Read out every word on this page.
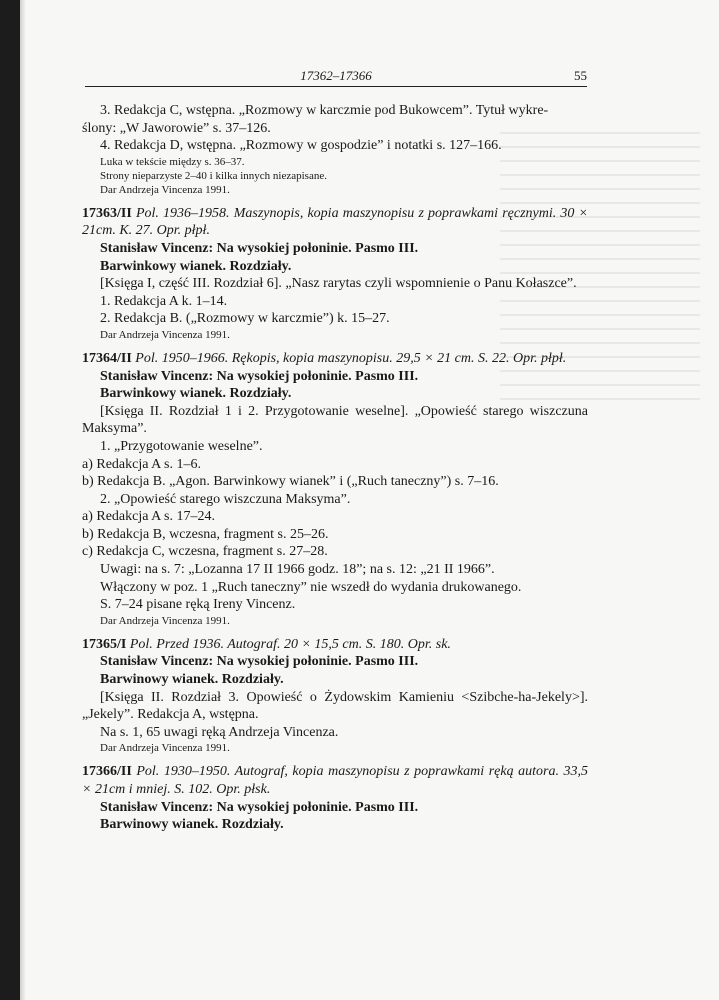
17362–17366	55

3. Redakcja C, wstępna. „Rozmowy w karczmie pod Bukowcem”. Tytuł wykre-

ślony: „W Jaworowie” s. 37–126.

4. Redakcja D, wstępna. „Rozmowy w gospodzie” i notatki s. 127–166.

Luka w tekście między s. 36–37.

Strony nieparzyste 2–40 i kilka innych niezapisane.

Dar Andrzeja Vincenza 1991.

17363/II Pol. 1936–1958. Maszynopis, kopia maszynopisu z poprawkami ręcznymi. 30 × 21cm. K. 27. Opr. płpł.

Stanisław Vincenz: Na wysokiej połoninie. Pasmo III.

Barwinkowy wianek. Rozdziały.

[Księga I, część III. Rozdział 6]. „Nasz rarytas czyli wspomnienie o Panu Kołaszce”.

1. Redakcja A k. 1–14.

2. Redakcja B. („Rozmowy w karczmie”) k. 15–27.

Dar Andrzeja Vincenza 1991.

17364/II Pol. 1950–1966. Rękopis, kopia maszynopisu. 29,5 × 21 cm. S. 22. Opr. płpł.

Stanisław Vincenz: Na wysokiej połoninie. Pasmo III.

Barwinkowy wianek. Rozdziały.

[Księga II. Rozdział 1 i 2. Przygotowanie weselne]. „Opowieść starego wiszczuna Maksyma”.

1. „Przygotowanie weselne”.

a) Redakcja A s. 1–6.

b) Redakcja B. „Agon. Barwinkowy wianek” i („Ruch taneczny”) s. 7–16.

2. „Opowieść starego wiszczuna Maksyma”.

a) Redakcja A s. 17–24.

b) Redakcja B, wczesna, fragment s. 25–26.

c) Redakcja C, wczesna, fragment s. 27–28.

Uwagi: na s. 7: „Lozanna 17 II 1966 godz. 18”; na s. 12: „21 II 1966”.

Włączony w poz. 1 „Ruch taneczny” nie wszedł do wydania drukowanego.

S. 7–24 pisane ręką Ireny Vincenz.

Dar Andrzeja Vincenza 1991.

17365/I Pol. Przed 1936. Autograf. 20 × 15,5 cm. S. 180. Opr. sk.

Stanisław Vincenz: Na wysokiej połoninie. Pasmo III.

Barwinowy wianek. Rozdziały.

[Księga II. Rozdział 3. Opowieść o Żydowskim Kamieniu <Szibche-ha-Jekely>]. „Jekely”. Redakcja A, wstępna.

Na s. 1, 65 uwagi ręką Andrzeja Vincenza.

Dar Andrzeja Vincenza 1991.

17366/II Pol. 1930–1950. Autograf, kopia maszynopisu z poprawkami ręką autora. 33,5 × 21cm i mniej. S. 102. Opr. płsk.

Stanisław Vincenz: Na wysokiej połoninie. Pasmo III.

Barwinowy wianek. Rozdziały.
